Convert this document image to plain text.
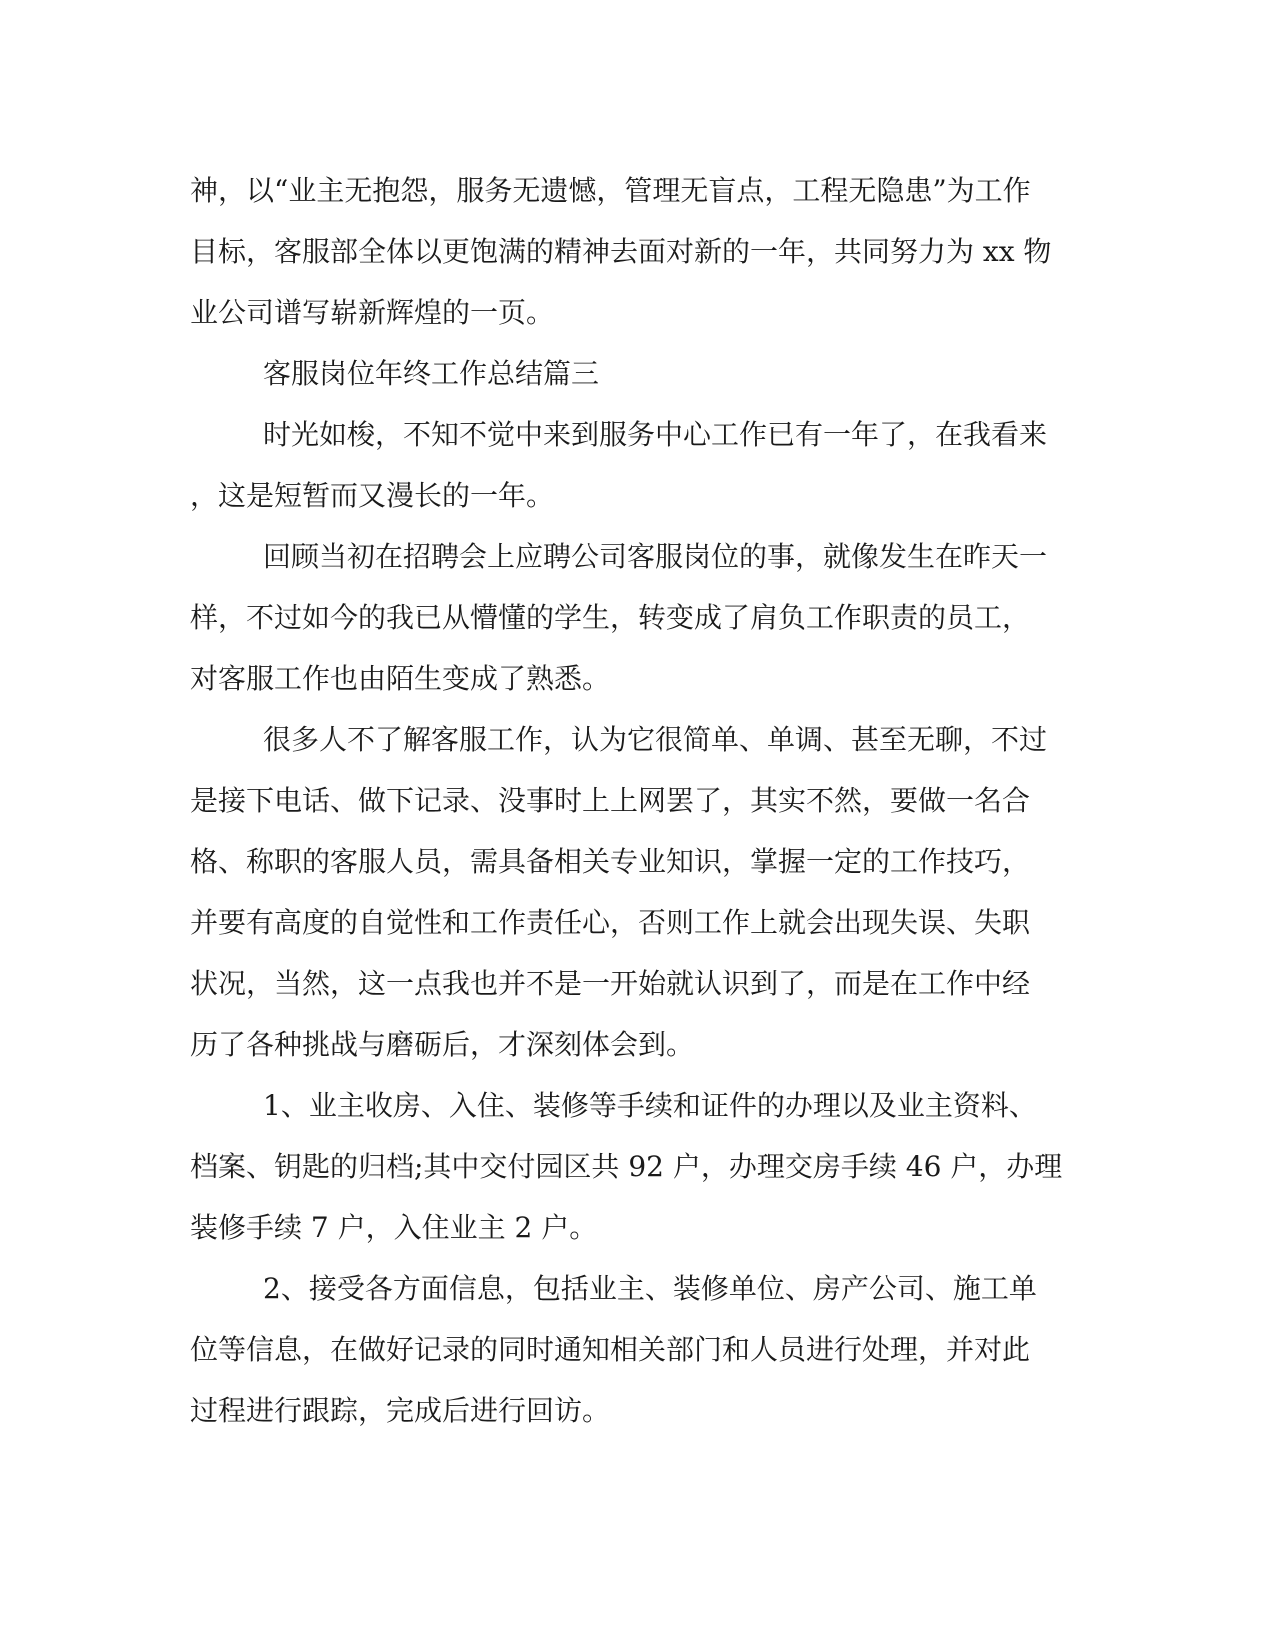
神，以“业主无抱怨，服务无遗憾，管理无盲点，工程无隐患”为工作
目标，客服部全体以更饱满的精神去面对新的一年，共同努力为 xx 物
业公司谱写崭新辉煌的一页。
客服岗位年终工作总结篇三
时光如梭，不知不觉中来到服务中心工作已有一年了，在我看来
，这是短暂而又漫长的一年。
回顾当初在招聘会上应聘公司客服岗位的事，就像发生在昨天一
样，不过如今的我已从懵懂的学生，转变成了肩负工作职责的员工，
对客服工作也由陌生变成了熟悉。
很多人不了解客服工作，认为它很简单、单调、甚至无聊，不过
是接下电话、做下记录、没事时上上网罢了，其实不然，要做一名合
格、称职的客服人员，需具备相关专业知识，掌握一定的工作技巧，
并要有高度的自觉性和工作责任心，否则工作上就会出现失误、失职
状况，当然，这一点我也并不是一开始就认识到了，而是在工作中经
历了各种挑战与磨砺后，才深刻体会到。
1、业主收房、入住、装修等手续和证件的办理以及业主资料、
档案、钥匙的归档;其中交付园区共 92 户，办理交房手续 46 户，办理
装修手续 7 户，入住业主 2 户。
2、接受各方面信息，包括业主、装修单位、房产公司、施工单
位等信息，在做好记录的同时通知相关部门和人员进行处理，并对此
过程进行跟踪，完成后进行回访。
